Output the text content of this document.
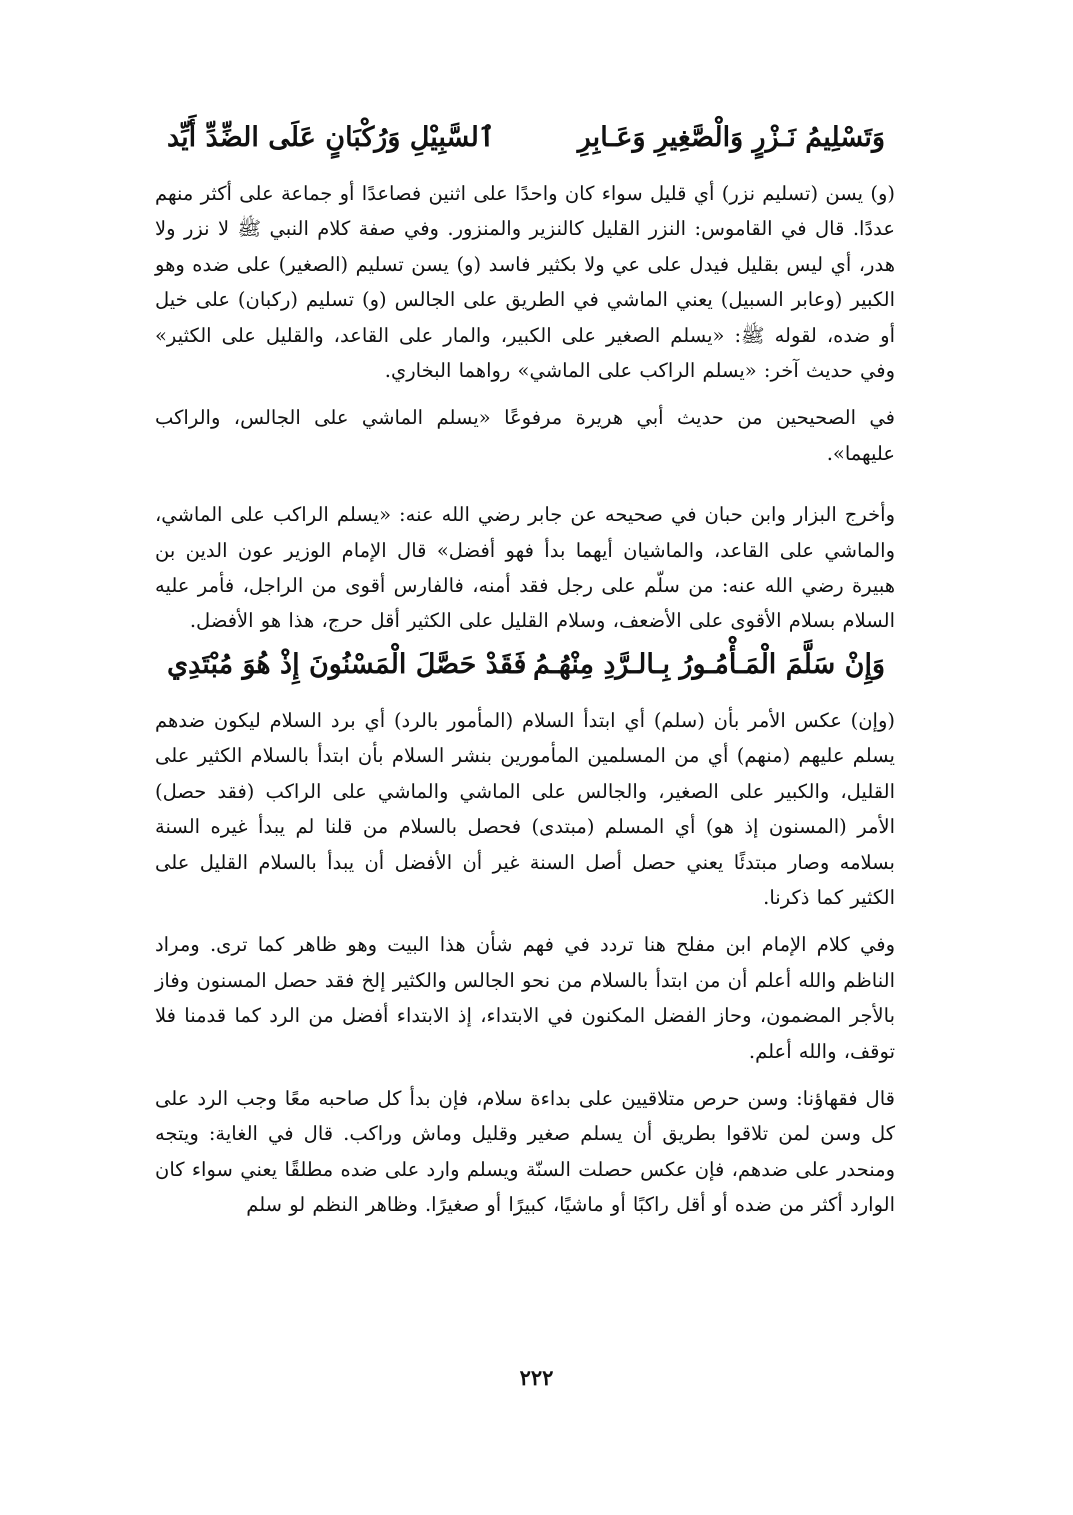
وَتَسْلِيمُ نَـزْرٍ وَالْصَّغِيرِ وَعَـابِرِ
ٱلسَّبِيْلِ وَرُكْبَانٍ عَلَى الضِّدِّ أَيِّد

(و) يسن (تسليم نزر) أي قليل سواء كان واحدًا على اثنين فصاعدًا أو جماعة على أكثر منهم عددًا. قال في القاموس: النزر القليل كالنزير والمنزور. وفي صفة كلام النبي ﷺ لا نزر ولا هدر، أي ليس بقليل فيدل على عي ولا بكثير فاسد (و) يسن تسليم (الصغير) على ضده وهو الكبير (وعابر السبيل) يعني الماشي في الطريق على الجالس (و) تسليم (ركبان) على خيل أو ضده، لقوله ﷺ: «يسلم الصغير على الكبير، والمار على القاعد، والقليل على الكثير» وفي حديث آخر: «يسلم الراكب على الماشي» رواهما البخاري.

في الصحيحين من حديث أبي هريرة مرفوعًا «يسلم الماشي على الجالس، والراكب عليهما».

وأخرج البزار وابن حبان في صحيحه عن جابر رضي الله عنه: «يسلم الراكب على الماشي، والماشي على القاعد، والماشيان أيهما بدأ فهو أفضل» قال الإمام الوزير عون الدين بن هبيرة رضي الله عنه: من سلّم على رجل فقد أمنه، فالفارس أقوى من الراجل، فأمر عليه السلام بسلام الأقوى على الأضعف، وسلام القليل على الكثير أقل حرج، هذا هو الأفضل.

وَإِنْ سَلَّمَ الْمَـأْمُـورُ بِـالـرَّدِ مِنْهُـمُ
فَقَدْ حَصَّلَ الْمَسْنُونَ إِذْ هُوَ مُبْتَدِي

(وإن) عكس الأمر بأن (سلم) أي ابتدأ السلام (المأمور بالرد) أي برد السلام ليكون ضدهم يسلم عليهم (منهم) أي من المسلمين المأمورين بنشر السلام بأن ابتدأ بالسلام الكثير على القليل، والكبير على الصغير، والجالس على الماشي والماشي على الراكب (فقد حصل) الأمر (المسنون إذ هو) أي المسلم (مبتدى) فحصل بالسلام من قلنا لم يبدأ غيره السنة بسلامه وصار مبتدئًا يعني حصل أصل السنة غير أن الأفضل أن يبدأ بالسلام القليل على الكثير كما ذكرنا.

وفي كلام الإمام ابن مفلح هنا تردد في فهم شأن هذا البيت وهو ظاهر كما ترى. ومراد الناظم والله أعلم أن من ابتدأ بالسلام من نحو الجالس والكثير إلخ فقد حصل المسنون وفاز بالأجر المضمون، وحاز الفضل المكنون في الابتداء، إذ الابتداء أفضل من الرد كما قدمنا فلا توقف، والله أعلم.

قال فقهاؤنا: وسن حرص متلاقيين على بداءة سلام، فإن بدأ كل صاحبه معًا وجب الرد على كل وسن لمن تلاقوا بطريق أن يسلم صغير وقليل وماش وراكب. قال في الغاية: ويتجه ومنحدر على ضدهم، فإن عكس حصلت السنّة ويسلم وارد على ضده مطلقًا يعني سواء كان الوارد أكثر من ضده أو أقل راكبًا أو ماشيًا، كبيرًا أو صغيرًا. وظاهر النظم لو سلم

٢٢٢
